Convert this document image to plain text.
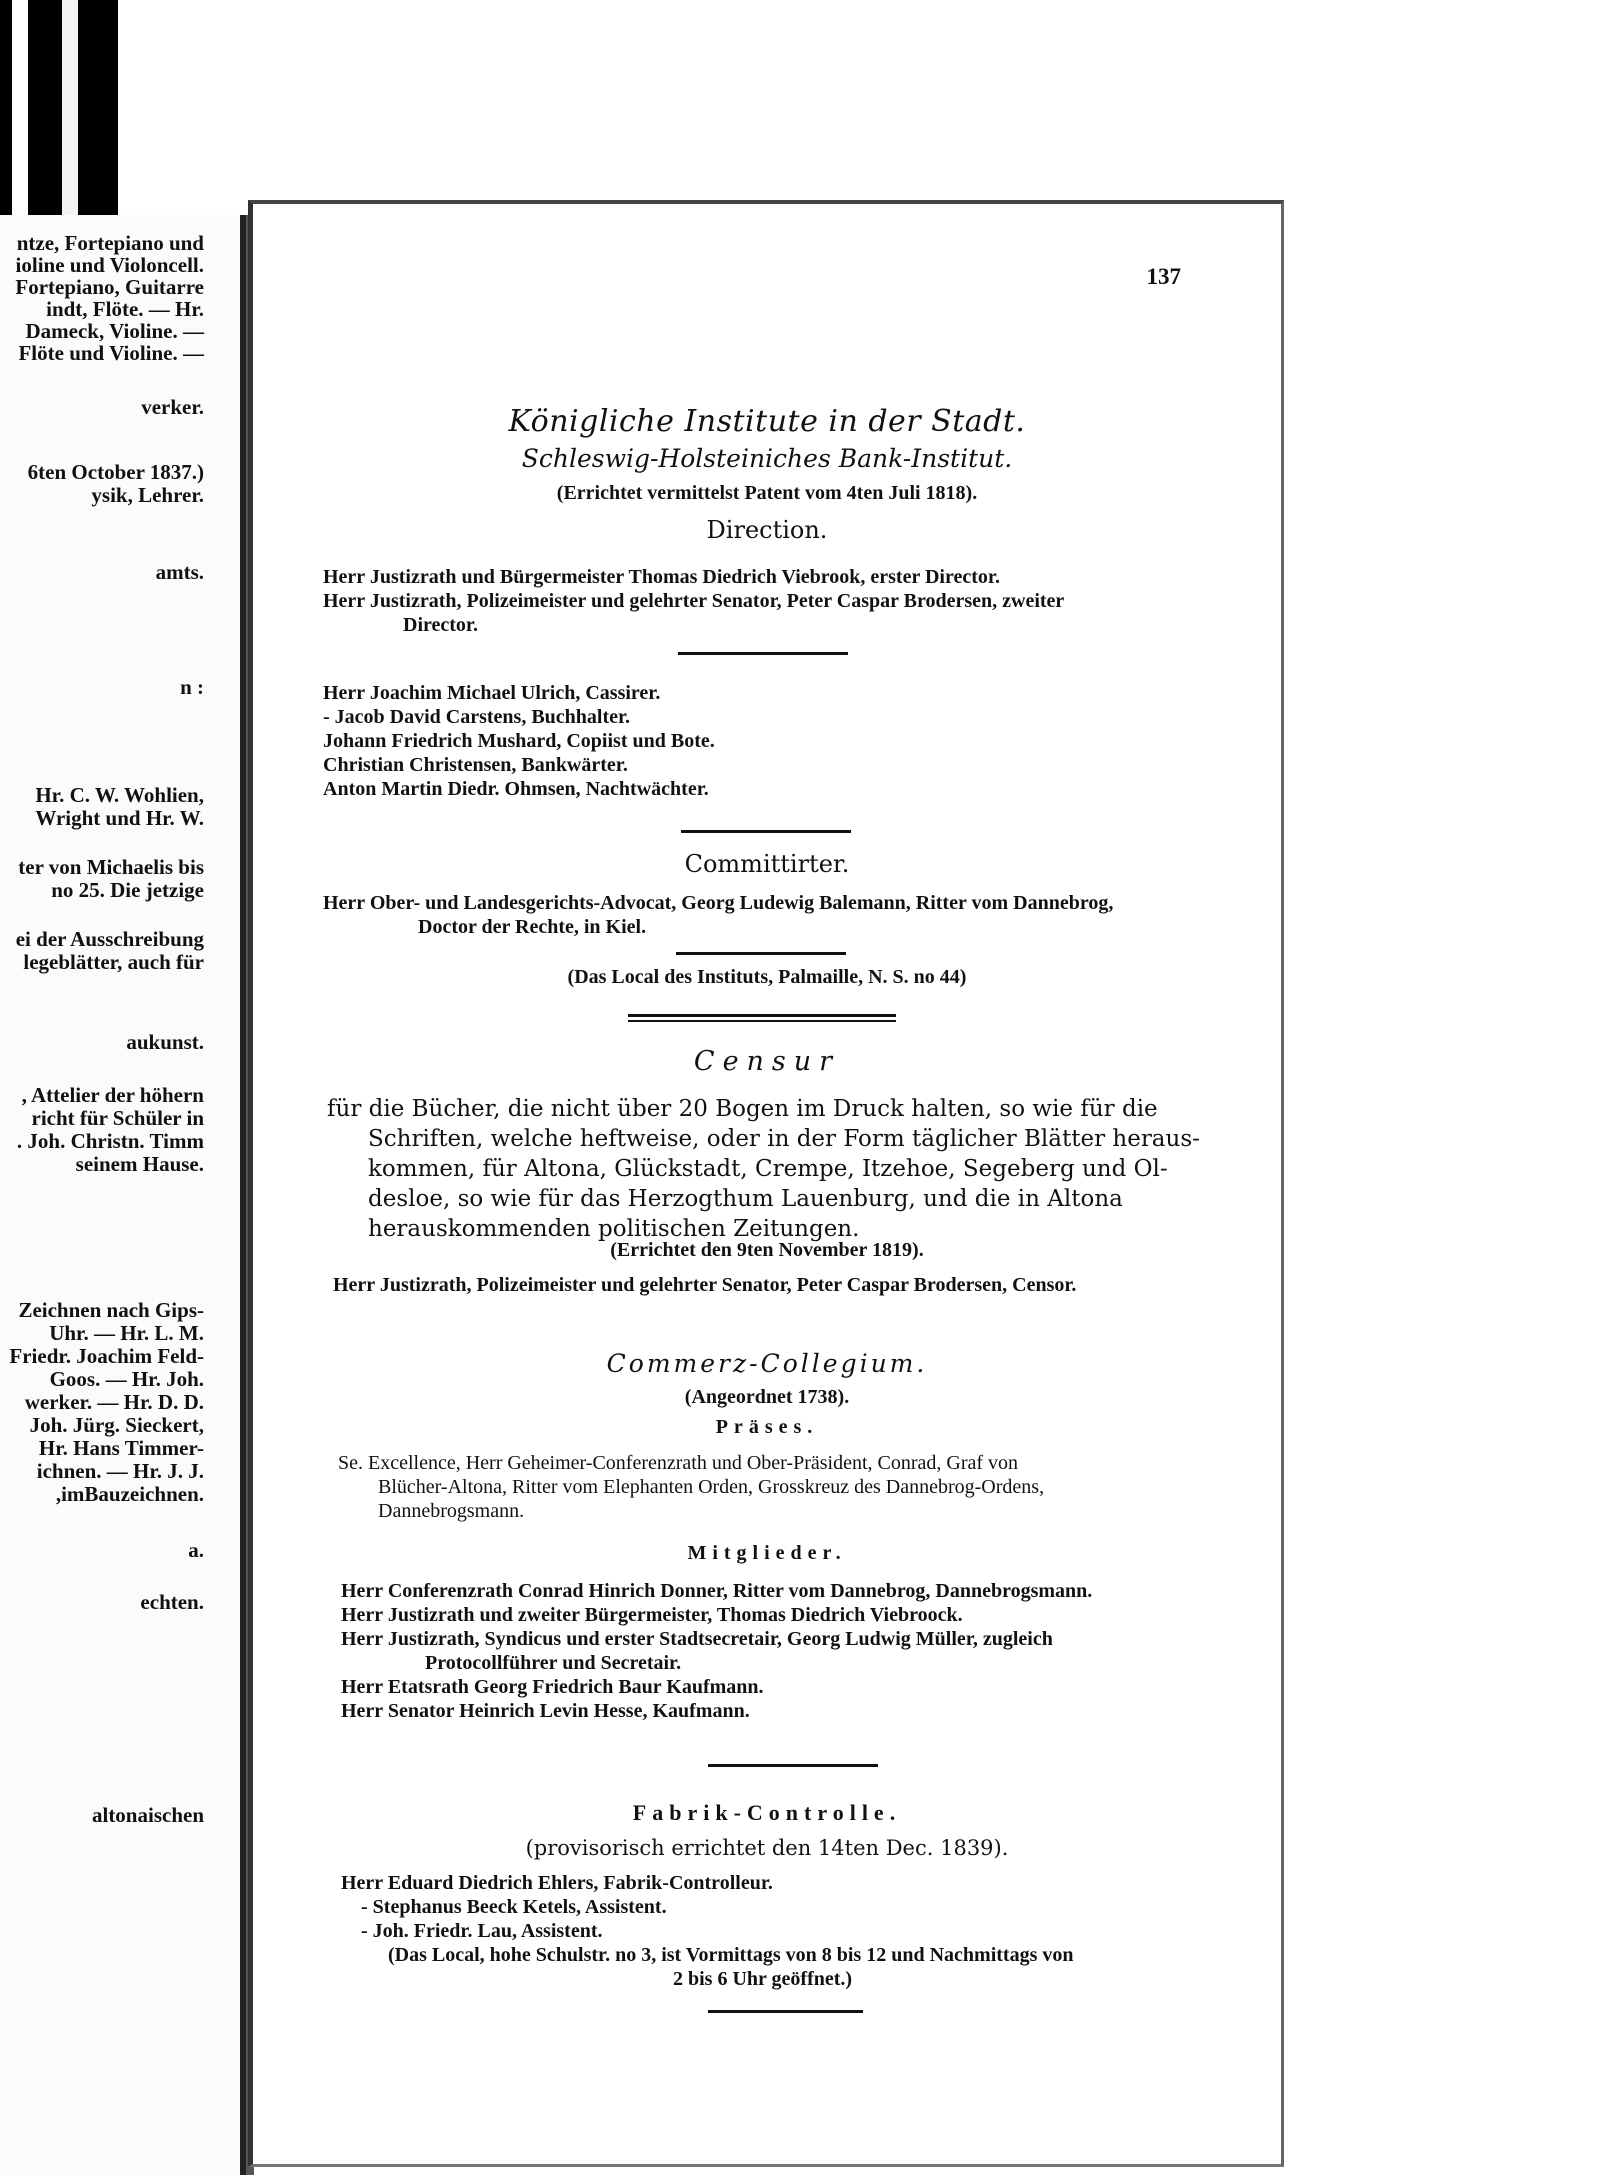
ntze, Fortepiano und
ioline und Violoncell.
Fortepiano, Guitarre
indt, Flöte. — Hr.
Dameck, Violine. —
Flöte und Violine. —
verker.
6ten October 1837.)
ysik, Lehrer.
amts.
n :
Hr. C. W. Wohlien,
Wright und Hr. W.
ter von Michaelis bis
no 25. Die jetzige
ei der Ausschreibung
legeblätter, auch für
aukunst.
, Attelier der höhern
richt für Schüler in
. Joh. Christn. Timm
seinem Hause.
Zeichnen nach Gips-
Uhr. — Hr. L. M.
Friedr. Joachim Feld-
Goos. — Hr. Joh.
werker. — Hr. D. D.
Joh. Jürg. Sieckert,
Hr. Hans Timmer-
ichnen. — Hr. J. J.
,imBauzeichnen.
a.
echten.
altonaischen
137
Königliche Institute in der Stadt.
Schleswig-Holsteiniches Bank-Institut.
(Errichtet vermittelst Patent vom 4ten Juli 1818).
Direction.
Herr Justizrath und Bürgermeister Thomas Diedrich Viebrook, erster Director.
Herr Justizrath, Polizeimeister und gelehrter Senator, Peter Caspar Brodersen, zweiter
Director.
Herr Joachim Michael Ulrich, Cassirer.
- Jacob David Carstens, Buchhalter.
Johann Friedrich Mushard, Copiist und Bote.
Christian Christensen, Bankwärter.
Anton Martin Diedr. Ohmsen, Nachtwächter.
Committirter.
Herr Ober- und Landesgerichts-Advocat, Georg Ludewig Balemann, Ritter vom Dannebrog,
Doctor der Rechte, in Kiel.
(Das Local des Instituts, Palmaille, N. S. no 44)
Censur
für die Bücher, die nicht über 20 Bogen im Druck halten, so wie für die
Schriften, welche heftweise, oder in der Form täglicher Blätter heraus-
kommen, für Altona, Glückstadt, Crempe, Itzehoe, Segeberg und Ol-
desloe, so wie für das Herzogthum Lauenburg, und die in Altona
herauskommenden politischen Zeitungen.
(Errichtet den 9ten November 1819).
Herr Justizrath, Polizeimeister und gelehrter Senator, Peter Caspar Brodersen, Censor.
Commerz-Collegium.
(Angeordnet 1738).
Präses.
Se. Excellence, Herr Geheimer-Conferenzrath und Ober-Präsident, Conrad, Graf von
Blücher-Altona, Ritter vom Elephanten Orden, Grosskreuz des Dannebrog-Ordens,
Dannebrogsmann.
Mitglieder.
Herr Conferenzrath Conrad Hinrich Donner, Ritter vom Dannebrog, Dannebrogsmann.
Herr Justizrath und zweiter Bürgermeister, Thomas Diedrich Viebroock.
Herr Justizrath, Syndicus und erster Stadtsecretair, Georg Ludwig Müller, zugleich
Protocollführer und Secretair.
Herr Etatsrath Georg Friedrich Baur Kaufmann.
Herr Senator Heinrich Levin Hesse, Kaufmann.
Fabrik-Controlle.
(provisorisch errichtet den 14ten Dec. 1839).
Herr Eduard Diedrich Ehlers, Fabrik-Controlleur.
- Stephanus Beeck Ketels, Assistent.
- Joh. Friedr. Lau, Assistent.
(Das Local, hohe Schulstr. no 3, ist Vormittags von 8 bis 12 und Nachmittags von
2 bis 6 Uhr geöffnet.)
